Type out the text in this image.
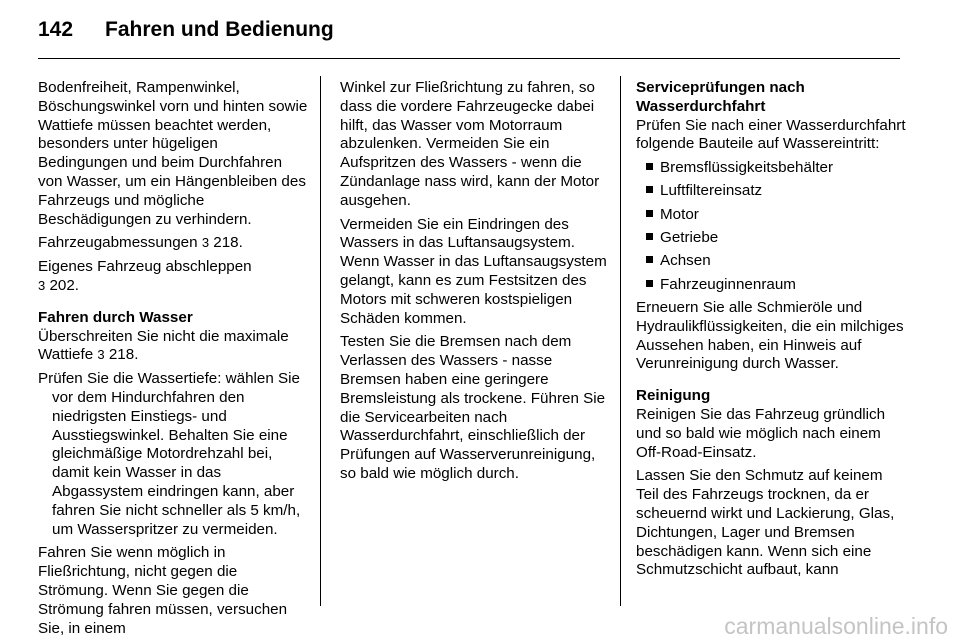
142 Fahren und Bedienung

Bodenfreiheit, Rampenwinkel, Böschungswinkel vorn und hinten sowie Wattiefe müssen beachtet werden, besonders unter hügeligen Bedingungen und beim Durchfahren von Wasser, um ein Hängenbleiben des Fahrzeugs und mögliche Beschädigungen zu verhindern.

Fahrzeugabmessungen 3 218.

Eigenes Fahrzeug abschleppen
3 202.

Fahren durch Wasser

Überschreiten Sie nicht die maximale Wattiefe 3 218.

Prüfen Sie die Wassertiefe: wählen Sie vor dem Hindurchfahren den niedrigsten Einstiegs- und Ausstiegswinkel. Behalten Sie eine gleichmäßige Motordrehzahl bei, damit kein Wasser in das Abgassystem eindringen kann, aber fahren Sie nicht schneller als 5 km/h, um Wasserspritzer zu vermeiden.

Fahren Sie wenn möglich in Fließrichtung, nicht gegen die Strömung. Wenn Sie gegen die Strömung fahren müssen, versuchen Sie, in einem

Winkel zur Fließrichtung zu fahren, so dass die vordere Fahrzeugecke dabei hilft, das Wasser vom Motorraum abzulenken. Vermeiden Sie ein Aufspritzen des Wassers - wenn die Zündanlage nass wird, kann der Motor ausgehen.

Vermeiden Sie ein Eindringen des Wassers in das Luftansaugsystem. Wenn Wasser in das Luftansaugsystem gelangt, kann es zum Festsitzen des Motors mit schweren kostspieligen Schäden kommen.

Testen Sie die Bremsen nach dem Verlassen des Wassers - nasse Bremsen haben eine geringere Bremsleistung als trockene. Führen Sie die Servicearbeiten nach Wasserdurchfahrt, einschließlich der Prüfungen auf Wasserverunreinigung, so bald wie möglich durch.

Serviceprüfungen nach Wasserdurchfahrt

Prüfen Sie nach einer Wasserdurchfahrt folgende Bauteile auf Wassereintritt:

Bremsflüssigkeitsbehälter
Luftfiltereinsatz
Motor
Getriebe
Achsen
Fahrzeuginnenraum

Erneuern Sie alle Schmieröle und Hydraulikflüssigkeiten, die ein milchiges Aussehen haben, ein Hinweis auf Verunreinigung durch Wasser.

Reinigung

Reinigen Sie das Fahrzeug gründlich und so bald wie möglich nach einem Off-Road-Einsatz.

Lassen Sie den Schmutz auf keinem Teil des Fahrzeugs trocknen, da er scheuernd wirkt und Lackierung, Glas, Dichtungen, Lager und Bremsen beschädigen kann. Wenn sich eine Schmutzschicht aufbaut, kann

carmanualsonline.info
